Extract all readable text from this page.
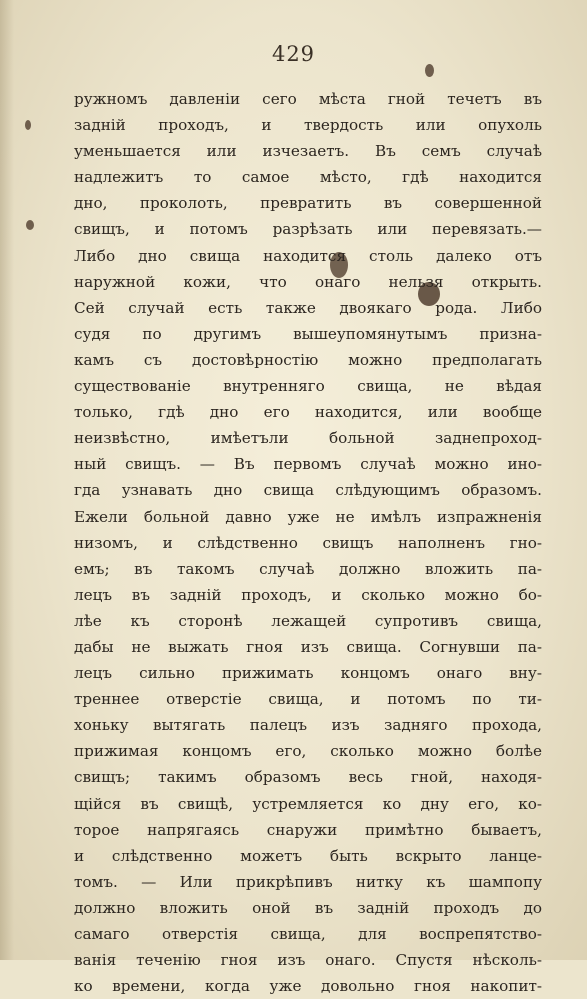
429
ружномъ давленіи сего мѣста гной течетъ въ
задній проходъ, и твердость или опухоль
уменьшается или изчезаетъ. Въ семъ случаѣ
надлежитъ то самое мѣсто, гдѣ находится
дно, проколоть, превратить въ совершенной
свищъ, и потомъ разрѣзать или перевязать.—
Либо дно свища находится столь далеко отъ
наружной кожи, что онаго нельзя открыть.
Сей случай есть также двоякаго рода. Либо
судя по другимъ вышеупомянутымъ призна-
камъ съ достовѣрностію можно предполагать
существованіе внутренняго свища, не вѣдая
только, гдѣ дно его находится, или вообще
неизвѣстно, имѣетъли больной заднепроход-
ный свищъ. — Въ первомъ случаѣ можно ино-
гда узнавать дно свища слѣдующимъ образомъ.
Ежели больной давно уже не имѣлъ изпражненія
низомъ, и слѣдственно свищъ наполненъ гно-
емъ; въ такомъ случаѣ должно вложить па-
лецъ въ задній проходъ, и сколько можно бо-
лѣе къ сторонѣ лежащей супротивъ свища,
дабы не выжать гноя изъ свища. Согнувши па-
лецъ сильно прижимать концомъ онаго вну-
треннее отверстіе свища, и потомъ по ти-
хоньку вытягать палецъ изъ задняго прохода,
прижимая концомъ его, сколько можно болѣе
свищъ; такимъ образомъ весь гной, находя-
щійся въ свищѣ, устремляется ко дну его, ко-
торое напрягаясь снаружи примѣтно бываетъ,
и слѣдственно можетъ быть вскрыто ланце-
томъ. — Или прикрѣпивъ нитку къ шампопу
должно вложить оной въ задній проходъ до
самаго отверстія свища, для воспрепятство-
ванія теченію гноя изъ онаго. Спустя нѣсколь-
ко времени, когда уже довольно гноя накопит-
